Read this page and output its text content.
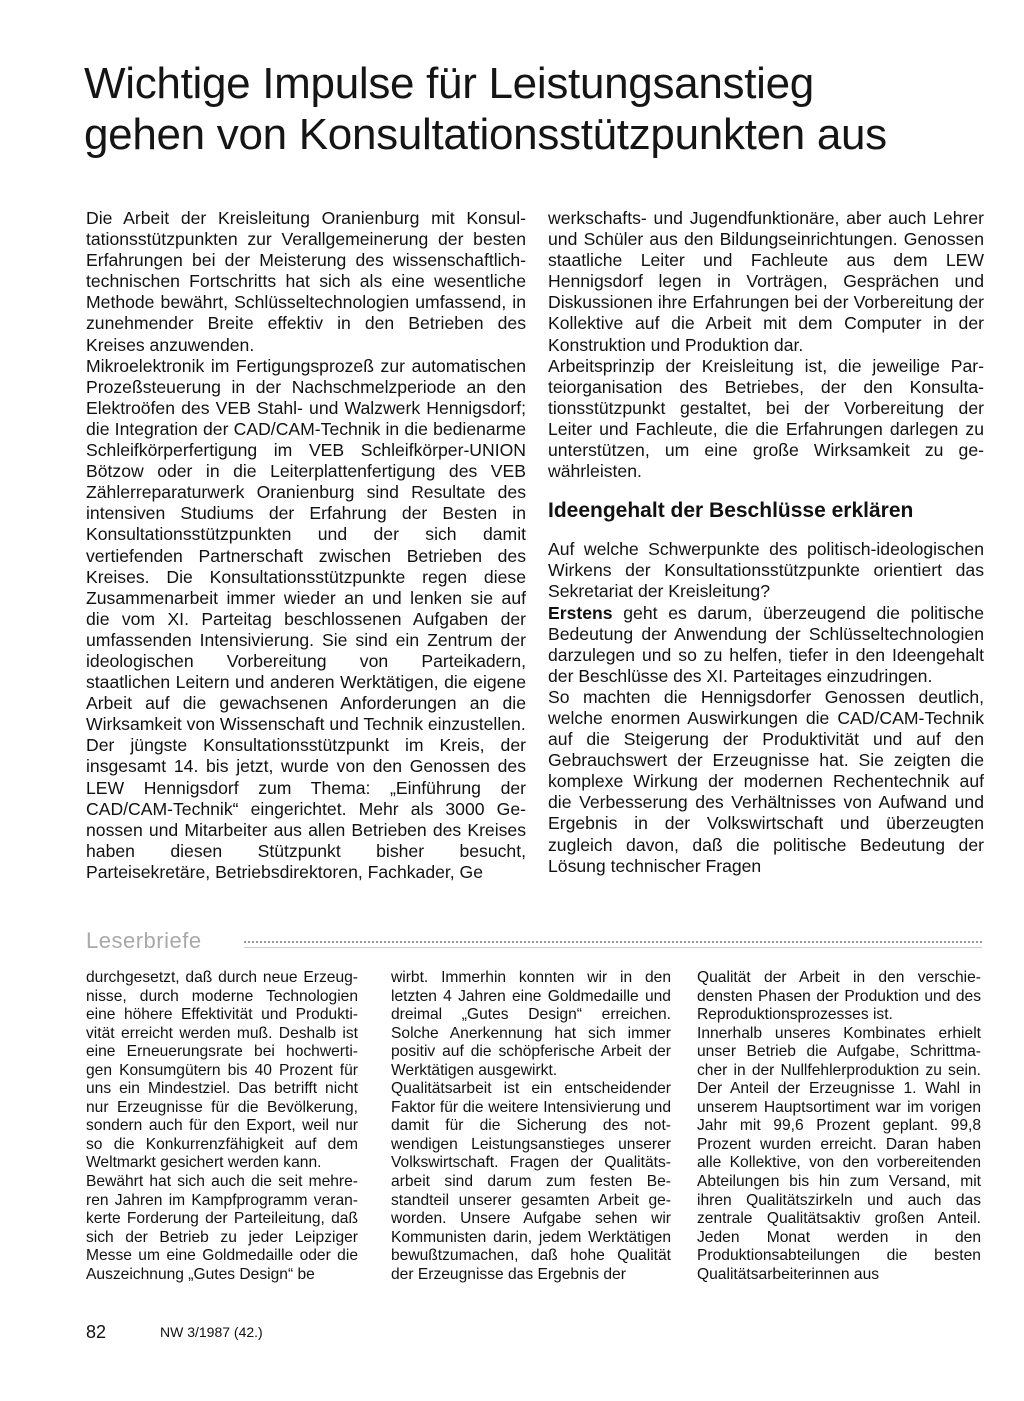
Wichtige Impulse für Leistungsanstieg
gehen von Konsultationsstützpunkten aus

Die Arbeit der Kreisleitung Oranienburg mit Konsultationsstützpunkten zur Verallgemeinerung der besten Erfahrungen bei der Meisterung des wissenschaftlich-technischen Fortschritts hat sich als eine wesentliche Methode bewährt, Schlüsseltechnologien umfassend, in zunehmender Breite effektiv in den Betrieben des Kreises anzuwenden.

Mikroelektronik im Fertigungsprozeß zur automatischen Prozeßsteuerung in der Nachschmelzperiode an den Elektroöfen des VEB Stahl- und Walzwerk Hennigsdorf; die Integration der CAD/CAM-Technik in die bedienarme Schleifkörperfertigung im VEB Schleifkörper-UNION Bötzow oder in die Leiterplattenfertigung des VEB Zählerreparaturwerk Oranienburg sind Resultate des intensiven Studiums der Erfahrung der Besten in Konsultationsstützpunkten und der sich damit vertiefenden Partnerschaft zwischen Betrieben des Kreises. Die Konsultationsstützpunkte regen diese Zusammenarbeit immer wieder an und lenken sie auf die vom XI. Parteitag beschlossenen Aufgaben der umfassenden Intensivierung. Sie sind ein Zentrum der ideologischen Vorbereitung von Parteikadern, staatlichen Leitern und anderen Werktätigen, die eigene Arbeit auf die gewachsenen Anforderungen an die Wirksamkeit von Wissenschaft und Technik einzustellen.

Der jüngste Konsultationsstützpunkt im Kreis, der insgesamt 14. bis jetzt, wurde von den Genossen des LEW Hennigsdorf zum Thema: „Einführung der CAD/CAM-Technik“ eingerichtet. Mehr als 3000 Genossen und Mitarbeiter aus allen Betrieben des Kreises haben diesen Stützpunkt bisher besucht, Parteisekretäre, Betriebsdirektoren, Fachkader, Ge

werkschafts- und Jugendfunktionäre, aber auch Lehrer und Schüler aus den Bildungseinrichtungen. Genossen staatliche Leiter und Fachleute aus dem LEW Hennigsdorf legen in Vorträgen, Gesprächen und Diskussionen ihre Erfahrungen bei der Vorbereitung der Kollektive auf die Arbeit mit dem Computer in der Konstruktion und Produktion dar.

Arbeitsprinzip der Kreisleitung ist, die jeweilige Parteiorganisation des Betriebes, der den Konsultationsstützpunkt gestaltet, bei der Vorbereitung der Leiter und Fachleute, die die Erfahrungen darlegen zu unterstützen, um eine große Wirksamkeit zu gewährleisten.

Ideengehalt der Beschlüsse erklären

Auf welche Schwerpunkte des politisch-ideologischen Wirkens der Konsultationsstützpunkte orientiert das Sekretariat der Kreisleitung?

Erstens geht es darum, überzeugend die politische Bedeutung der Anwendung der Schlüsseltechnologien darzulegen und so zu helfen, tiefer in den Ideengehalt der Beschlüsse des XI. Parteitages einzudringen.

So machten die Hennigsdorfer Genossen deutlich, welche enormen Auswirkungen die CAD/CAM-Technik auf die Steigerung der Produktivität und auf den Gebrauchswert der Erzeugnisse hat. Sie zeigten die komplexe Wirkung der modernen Rechentechnik auf die Verbesserung des Verhältnisses von Aufwand und Ergebnis in der Volkswirtschaft und überzeugten zugleich davon, daß die politische Bedeutung der Lösung technischer Fragen

Leserbriefe

durchgesetzt, daß durch neue Erzeugnisse, durch moderne Technologien eine höhere Effektivität und Produktivität erreicht werden muß. Deshalb ist eine Erneuerungsrate bei hochwertigen Konsumgütern bis 40 Prozent für uns ein Mindestziel. Das betrifft nicht nur Erzeugnisse für die Bevölkerung, sondern auch für den Export, weil nur so die Konkurrenzfähigkeit auf dem Weltmarkt gesichert werden kann.

Bewährt hat sich auch die seit mehreren Jahren im Kampfprogramm verankerte Forderung der Parteileitung, daß sich der Betrieb zu jeder Leipziger Messe um eine Goldmedaille oder die Auszeichnung „Gutes Design“ be

wirbt. Immerhin konnten wir in den letzten 4 Jahren eine Goldmedaille und dreimal „Gutes Design“ erreichen. Solche Anerkennung hat sich immer positiv auf die schöpferische Arbeit der Werktätigen ausgewirkt.

Qualitätsarbeit ist ein entscheidender Faktor für die weitere Intensivierung und damit für die Sicherung des notwendigen Leistungsanstieges unserer Volkswirtschaft. Fragen der Qualitätsarbeit sind darum zum festen Bestandteil unserer gesamten Arbeit geworden. Unsere Aufgabe sehen wir Kommunisten darin, jedem Werktätigen bewußtzumachen, daß hohe Qualität der Erzeugnisse das Ergebnis der

Qualität der Arbeit in den verschiedensten Phasen der Produktion und des Reproduktionsprozesses ist.

Innerhalb unseres Kombinates erhielt unser Betrieb die Aufgabe, Schrittmacher in der Nullfehlerproduktion zu sein. Der Anteil der Erzeugnisse 1. Wahl in unserem Hauptsortiment war im vorigen Jahr mit 99,6 Prozent geplant. 99,8 Prozent wurden erreicht. Daran haben alle Kollektive, von den vorbereitenden Abteilungen bis hin zum Versand, mit ihren Qualitätszirkeln und auch das zentrale Qualitätsaktiv großen Anteil. Jeden Monat werden in den Produktionsabteilungen die besten Qualitätsarbeiterinnen aus

82	NW 3/1987 (42.)
